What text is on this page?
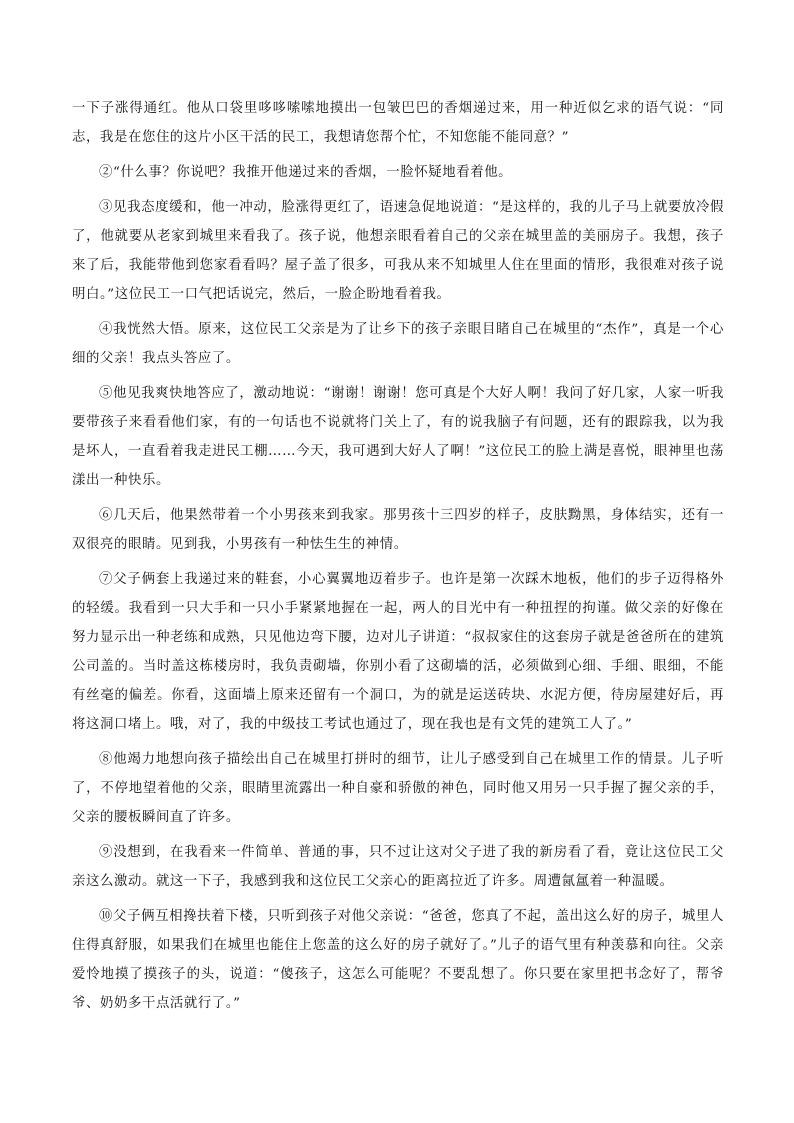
一下子涨得通红。他从口袋里哆哆嗦嗦地摸出一包皱巴巴的香烟递过来，用一种近似乞求的语气说：“同志，我是在您住的这片小区干活的民工，我想请您帮个忙，不知您能不能同意？”

②“什么事？你说吧？我推开他递过来的香烟，一脸怀疑地看着他。

③见我态度缓和，他一冲动，脸涨得更红了，语速急促地说道：“是这样的，我的儿子马上就要放冷假了，他就要从老家到城里来看我了。孩子说，他想亲眼看着自己的父亲在城里盖的美丽房子。我想，孩子来了后，我能带他到您家看看吗？屋子盖了很多，可我从来不知城里人住在里面的情形，我很难对孩子说明白。”这位民工一口气把话说完，然后，一脸企盼地看着我。

④我恍然大悟。原来，这位民工父亲是为了让乡下的孩子亲眼目睹自己在城里的“杰作”，真是一个心细的父亲！我点头答应了。

⑤他见我爽快地答应了，激动地说：“谢谢！谢谢！您可真是个大好人啊！我问了好几家，人家一听我要带孩子来看看他们家，有的一句话也不说就将门关上了，有的说我脑子有问题，还有的跟踪我，以为我是坏人，一直看着我走进民工棚……今天，我可遇到大好人了啊！”这位民工的脸上满是喜悦，眼神里也荡漾出一种快乐。

⑥几天后，他果然带着一个小男孩来到我家。那男孩十三四岁的样子，皮肤黝黑，身体结实，还有一双很亮的眼睛。见到我，小男孩有一种怯生生的神情。

⑦父子俩套上我递过来的鞋套，小心翼翼地迈着步子。也许是第一次踩木地板，他们的步子迈得格外的轻缓。我看到一只大手和一只小手紧紧地握在一起，两人的目光中有一种扭捏的拘谨。做父亲的好像在努力显示出一种老练和成熟，只见他边弯下腰，边对儿子讲道：“叔叔家住的这套房子就是爸爸所在的建筑公司盖的。当时盖这栋楼房时，我负责砌墙，你别小看了这砌墙的活，必须做到心细、手细、眼细，不能有丝毫的偏差。你看，这面墙上原来还留有一个洞口，为的就是运送砖块、水泥方便，待房屋建好后，再将这洞口堵上。哦，对了，我的中级技工考试也通过了，现在我也是有文凭的建筑工人了。”

⑧他竭力地想向孩子描绘出自己在城里打拼时的细节，让儿子感受到自己在城里工作的情景。儿子听了，不停地望着他的父亲，眼睛里流露出一种自豪和骄傲的神色，同时他又用另一只手握了握父亲的手，父亲的腰板瞬间直了许多。

⑨没想到，在我看来一件简单、普通的事，只不过让这对父子进了我的新房看了看，竟让这位民工父亲这么激动。就这一下子，我感到我和这位民工父亲心的距离拉近了许多。周遭氤氲着一种温暖。

⑩父子俩互相搀扶着下楼，只听到孩子对他父亲说：“爸爸，您真了不起，盖出这么好的房子，城里人住得真舒服，如果我们在城里也能住上您盖的这么好的房子就好了。”儿子的语气里有种羡慕和向往。父亲爱怜地摸了摸孩子的头，说道：“傻孩子，这怎么可能呢？不要乱想了。你只要在家里把书念好了，帮爷爷、奶奶多干点活就行了。”
